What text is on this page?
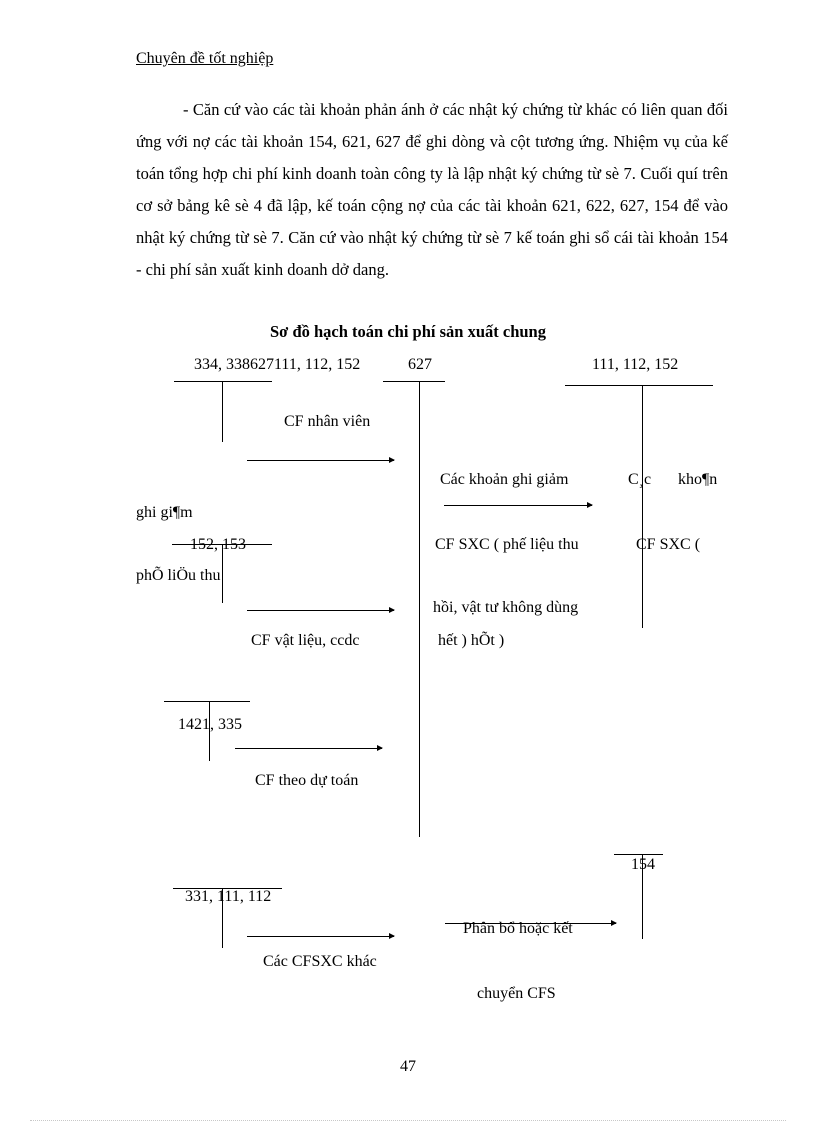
Chuyên đề tốt nghiệp

- Căn cứ vào các tài khoản phản ánh ở các nhật ký chứng từ khác có liên quan đối ứng với nợ các tài khoản 154, 621, 627 để ghi dòng và cột tương ứng. Nhiệm vụ của kế toán tổng hợp chi phí kinh doanh toàn công ty là lập nhật ký chứng từ sè 7. Cuối quí trên cơ sở bảng kê sè 4 đã lập, kế toán cộng nợ của các tài khoản 621, 622, 627, 154 để vào nhật ký chứng từ sè 7. Căn cứ vào nhật ký chứng từ sè 7 kế toán ghi sổ cái tài khoản 154 - chi phí sản xuất kinh doanh dở dang.

Sơ đồ hạch toán chi phí sản xuất chung
334, 338627111, 112, 152	627	111, 112, 152
CF nhân viên
Các khoản ghi giảm	C¸c kho¶n
ghi gi¶m
152, 153	CF SXC ( phế liệu thu	CF SXC (
phÕ liÖu thu
hồi, vật tư không dùng
CF vật liệu, ccdc	hết ) hÕt )
1421, 335
CF theo dự toán
154
331, 111, 112
Phân bổ hoặc kết
Các CFSXC khác
chuyển CFS
47
